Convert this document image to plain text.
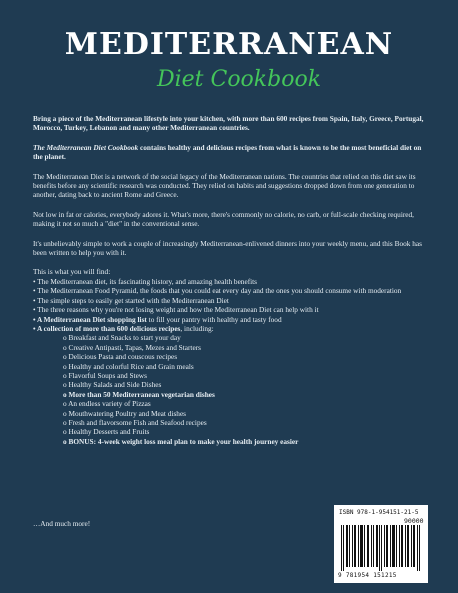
MEDITERRANEAN
Diet Cookbook

Bring a piece of the Mediterranean lifestyle into your kitchen, with more than 600 recipes from Spain, Italy, Greece, Portugal, Morocco, Turkey, Lebanon and many other Mediterranean countries.

The Mediterranean Diet Cookbook contains healthy and delicious recipes from what is known to be the most beneficial diet on the planet.

The Mediterranean Diet is a network of the social legacy of the Mediterranean nations. The countries that relied on this diet saw its benefits before any scientific research was conducted. They relied on habits and suggestions dropped down from one generation to another, dating back to ancient Rome and Greece.

Not low in fat or calories, everybody adores it. What's more, there's commonly no calorie, no carb, or full-scale checking required, making it not so much a "diet" in the conventional sense.

It's unbelievably simple to work a couple of increasingly Mediterranean-enlivened dinners into your weekly menu, and this Book has been written to help you with it.

This is what you will find:
• The Mediterranean diet, its fascinating history, and amazing health benefits
• The Mediterranean Food Pyramid, the foods that you could eat every day and the ones you should consume with moderation
• The simple steps to easily get started with the Mediterranean Diet
• The three reasons why you're not losing weight and how the Mediterranean Diet can help with it
• A Mediterranean Diet shopping list to fill your pantry with healthy and tasty food
• A collection of more than 600 delicious recipes, including:
o Breakfast and Snacks to start your day
o Creative Antipasti, Tapas, Mezes and Starters
o Delicious Pasta and couscous recipes
o Healthy and colorful Rice and Grain meals
o Flavorful Soups and Stews
o Healthy Salads and Side Dishes
o More than 50 Mediterranean vegetarian dishes
o An endless variety of Pizzas
o Mouthwatering Poultry and Meat dishes
o Fresh and flavorsome Fish and Seafood recipes
o Healthy Desserts and Fruits
o BONUS: 4-week weight loss meal plan to make your health journey easier
…And much more!
ISBN 978-1-954151-21-5
90000
9 781954 151215
